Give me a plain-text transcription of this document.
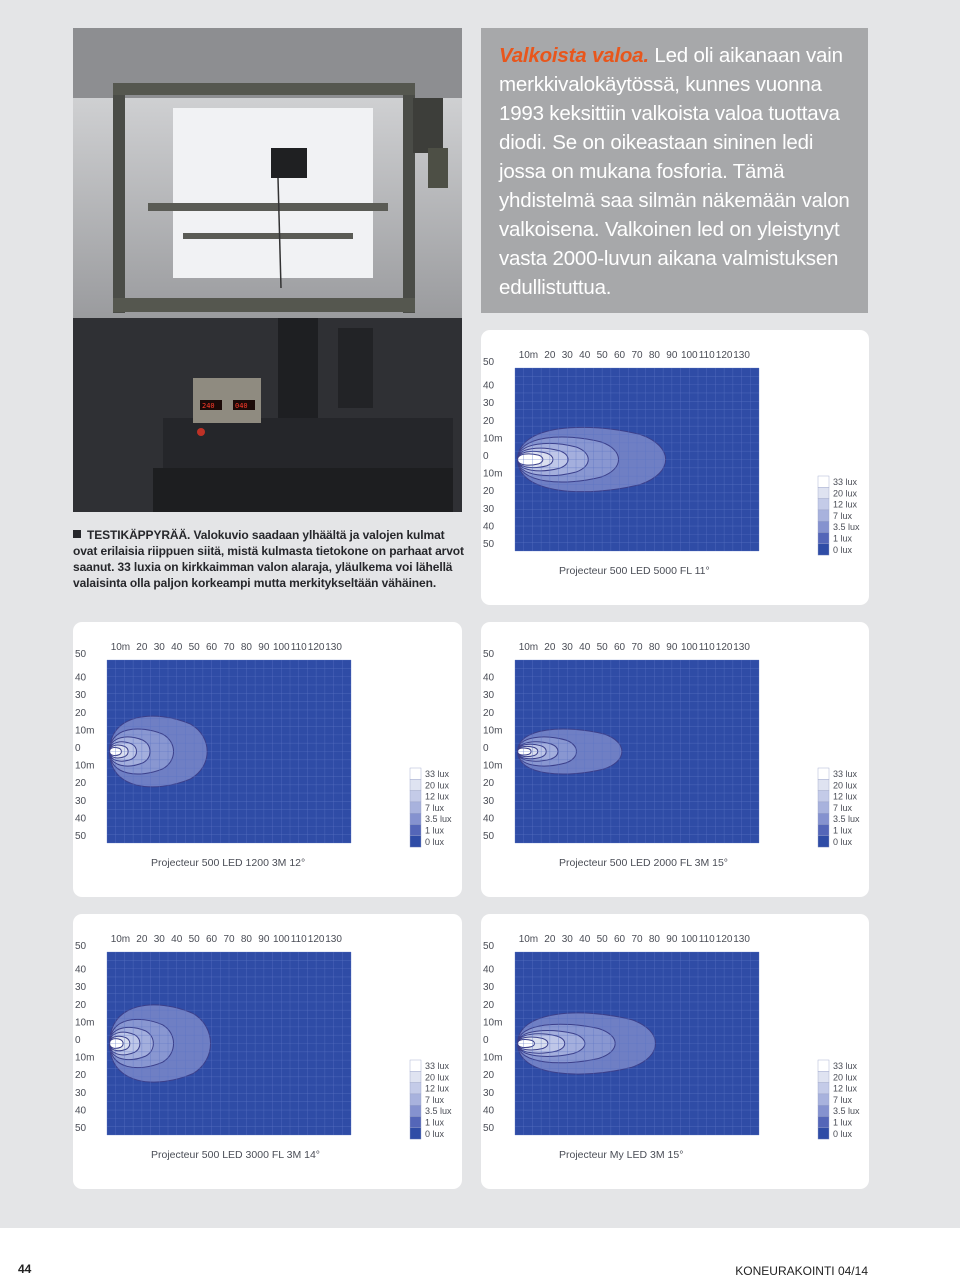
240	040
Valkoista valoa. Led oli aikanaan vain merkkivalokäytössä, kunnes vuonna 1993 keksittiin valkoista valoa tuottava diodi. Se on oikeastaan sininen ledi jossa on mukana fosforia. Tämä yhdistelmä saa silmän näkemään valon valkoisena. Valkoinen led on yleistynyt vasta 2000-luvun aikana valmistuksen edullistuttua.
TESTIKÄPPYRÄÄ. Valokuvio saadaan ylhäältä ja valojen kulmat ovat erilaisia riippuen siitä, mistä kulmasta tietokone on parhaat arvot saanut. 33 luxia on kirkkaimman valon alaraja, yläulkema voi lähellä valaisinta olla paljon korkeampi mutta merkitykseltään vähäinen.
10m 20 30 40 50 60 70 80 90 100 110 120 130
50
40
30
20
10m
0
10m
20
30
40
50
33 lux
20 lux
12 lux
7 lux
3.5 lux
1 lux
0 lux
Projecteur 500 LED 5000 FL 11°
10m 20 30 40 50 60 70 80 90 100 110 120 130
50
40
30
20
10m
0
10m
20
30
40
50
33 lux
20 lux
12 lux
7 lux
3.5 lux
1 lux
0 lux
Projecteur 500 LED 1200 3M 12°
10m 20 30 40 50 60 70 80 90 100 110 120 130
50
40
30
20
10m
0
10m
20
30
40
50
33 lux
20 lux
12 lux
7 lux
3.5 lux
1 lux
0 lux
Projecteur 500 LED 2000 FL 3M 15°
10m 20 30 40 50 60 70 80 90 100 110 120 130
50
40
30
20
10m
0
10m
20
30
40
50
33 lux
20 lux
12 lux
7 lux
3.5 lux
1 lux
0 lux
Projecteur 500 LED 3000 FL 3M 14°
10m 20 30 40 50 60 70 80 90 100 110 120 130
50
40
30
20
10m
0
10m
20
30
40
50
33 lux
20 lux
12 lux
7 lux
3.5 lux
1 lux
0 lux
Projecteur My LED 3M 15°
44	KONEURAKOINTI 04/14
